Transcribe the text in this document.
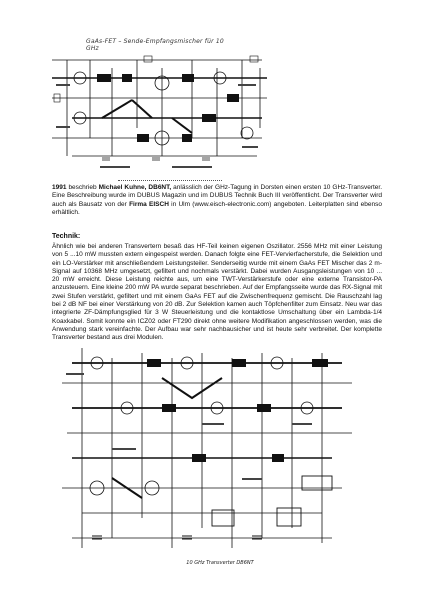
GaAs-FET – Sende-Empfangsmischer für 10 GHz
1991 beschrieb Michael Kuhne, DB6NT, anlässlich der GHz-Tagung in Dorsten einen ersten 10 GHz-Transverter. Eine Beschreibung wurde im DUBUS Magazin und im DUBUS Technik Buch III veröffentlicht. Der Transverter wird auch als Bausatz von der Firma EISCH in Ulm (www.eisch-electronic.com) angeboten. Leiterplatten sind ebenso erhältlich.
Technik:
Ähnlich wie bei anderen Transvertern besaß das HF-Teil keinen eigenen Oszillator. 2556 MHz mit einer Leistung von 5 ...10 mW mussten extern eingespeist werden. Danach folgte eine FET-Vervierfacherstufe, die Selektion und ein LO-Verstärker mit anschließendem Leistungsteiler. Senderseitig wurde mit einem GaAs FET Mischer das 2 m-Signal auf 10368 MHz umgesetzt, gefiltert und nochmals verstärkt. Dabei wurden Ausgangsleistungen von 10 ... 20 mW erreicht. Diese Leistung reichte aus, um eine TWT-Verstärkerstufe oder eine externe Transistor-PA anzusteuern. Eine kleine 200 mW PA wurde separat beschrieben. Auf der Empfangsseite wurde das RX-Signal mit zwei Stufen verstärkt, gefiltert und mit einem GaAs FET auf die Zwischenfrequenz gemischt. Die Rauschzahl lag bei 2 dB NF bei einer Verstärkung von 20 dB. Zur Selektion kamen auch Töpfchenfilter zum Einsatz. Neu war das integrierte ZF-Dämpfungsglied für 3 W Steuerleistung und die kontaktlose Umschaltung über ein Lambda-1/4 Koaxkabel. Somit konnte ein ICZ02 oder FT290 direkt ohne weitere Modifikation angeschlossen werden, was die Anwendung stark vereinfachte. Der Aufbau war sehr nachbausicher und ist heute sehr verbreitet. Der komplette Transverter bestand aus drei Modulen.
10 GHz Transverter DB6NT
